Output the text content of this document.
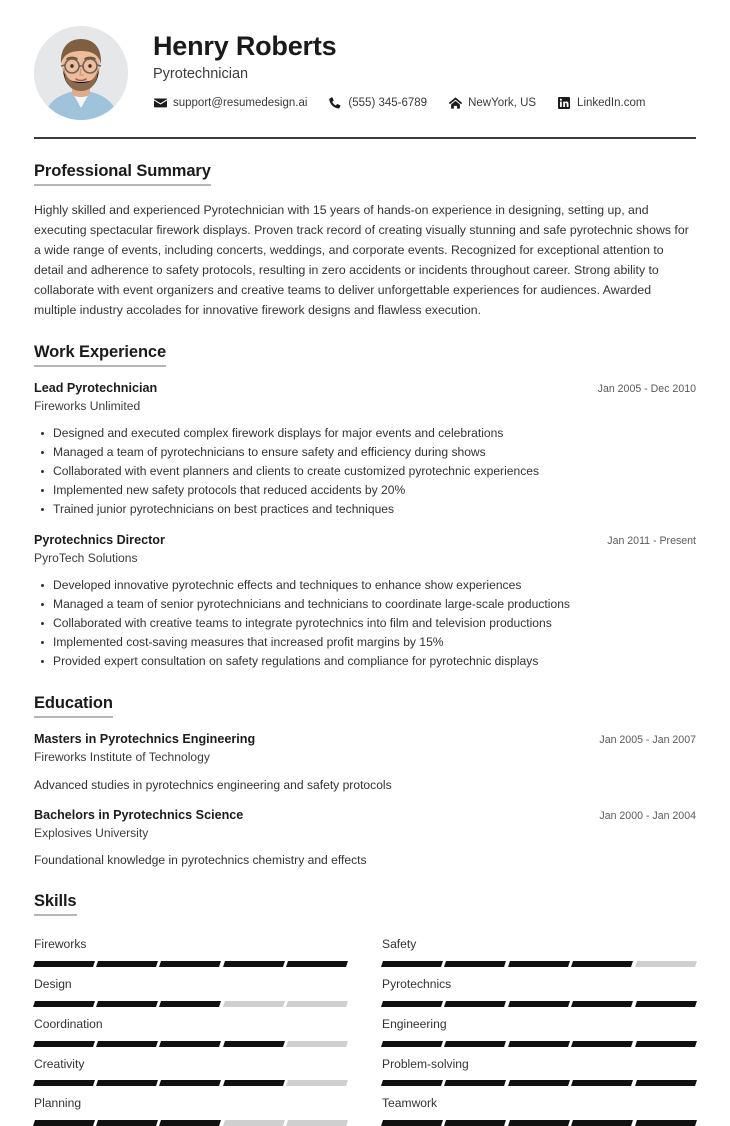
Henry Roberts
Pyrotechnician
support@resumedesign.ai	(555) 345-6789	NewYork, US	LinkedIn.com
Professional Summary

Highly skilled and experienced Pyrotechnician with 15 years of hands-on experience in designing, setting up, and executing spectacular firework displays. Proven track record of creating visually stunning and safe pyrotechnic shows for a wide range of events, including concerts, weddings, and corporate events. Recognized for exceptional attention to detail and adherence to safety protocols, resulting in zero accidents or incidents throughout career. Strong ability to collaborate with event organizers and creative teams to deliver unforgettable experiences for audiences. Awarded multiple industry accolades for innovative firework designs and flawless execution.

Work Experience
Lead Pyrotechnician	Jan 2005 - Dec 2010
Fireworks Unlimited
Designed and executed complex firework displays for major events and celebrations
Managed a team of pyrotechnicians to ensure safety and efficiency during shows
Collaborated with event planners and clients to create customized pyrotechnic experiences
Implemented new safety protocols that reduced accidents by 20%
Trained junior pyrotechnicians on best practices and techniques
Pyrotechnics Director	Jan 2011 - Present
PyroTech Solutions
Developed innovative pyrotechnic effects and techniques to enhance show experiences
Managed a team of senior pyrotechnicians and technicians to coordinate large-scale productions
Collaborated with creative teams to integrate pyrotechnics into film and television productions
Implemented cost-saving measures that increased profit margins by 15%
Provided expert consultation on safety regulations and compliance for pyrotechnic displays
Education
Masters in Pyrotechnics Engineering	Jan 2005 - Jan 2007
Fireworks Institute of Technology
Advanced studies in pyrotechnics engineering and safety protocols
Bachelors in Pyrotechnics Science	Jan 2000 - Jan 2004
Explosives University
Foundational knowledge in pyrotechnics chemistry and effects
Skills
Fireworks	Safety
Design	Pyrotechnics
Coordination	Engineering
Creativity	Problem-solving
Planning	Teamwork
